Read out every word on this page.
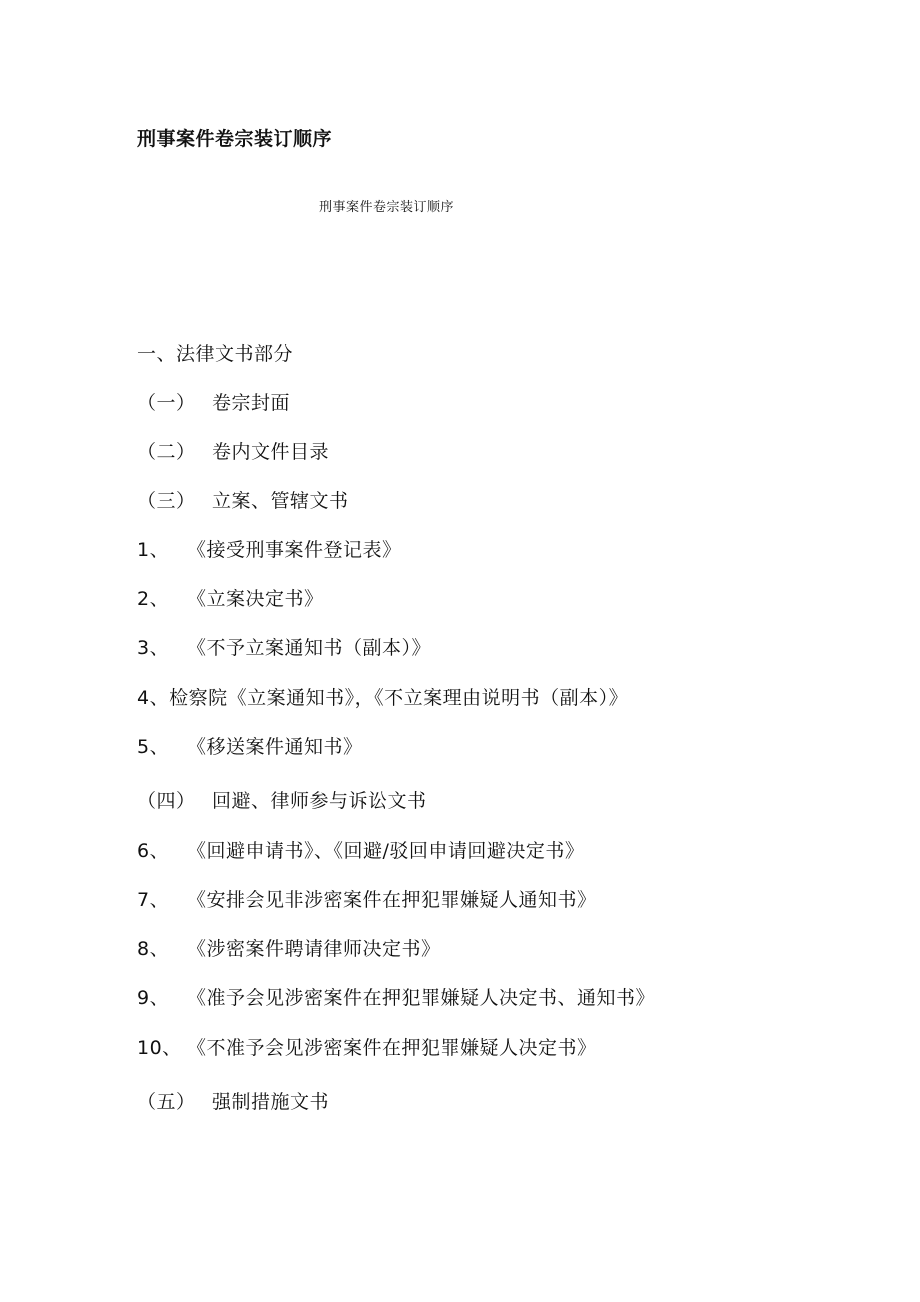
刑事案件卷宗装订顺序
刑事案件卷宗装订顺序
一、法律文书部分
（一） 卷宗封面
（二） 卷内文件目录
（三） 立案、管辖文书
1、 《接受刑事案件登记表》
2、 《立案决定书》
3、 《不予立案通知书（副本）》
4、检察院《立案通知书》，《不立案理由说明书（副本）》
5、 《移送案件通知书》
（四） 回避、律师参与诉讼文书
6、 《回避申请书》、《回避/驳回申请回避决定书》
7、 《安排会见非涉密案件在押犯罪嫌疑人通知书》
8、 《涉密案件聘请律师决定书》
9、 《准予会见涉密案件在押犯罪嫌疑人决定书、通知书》
10、 《不准予会见涉密案件在押犯罪嫌疑人决定书》
（五） 强制措施文书
